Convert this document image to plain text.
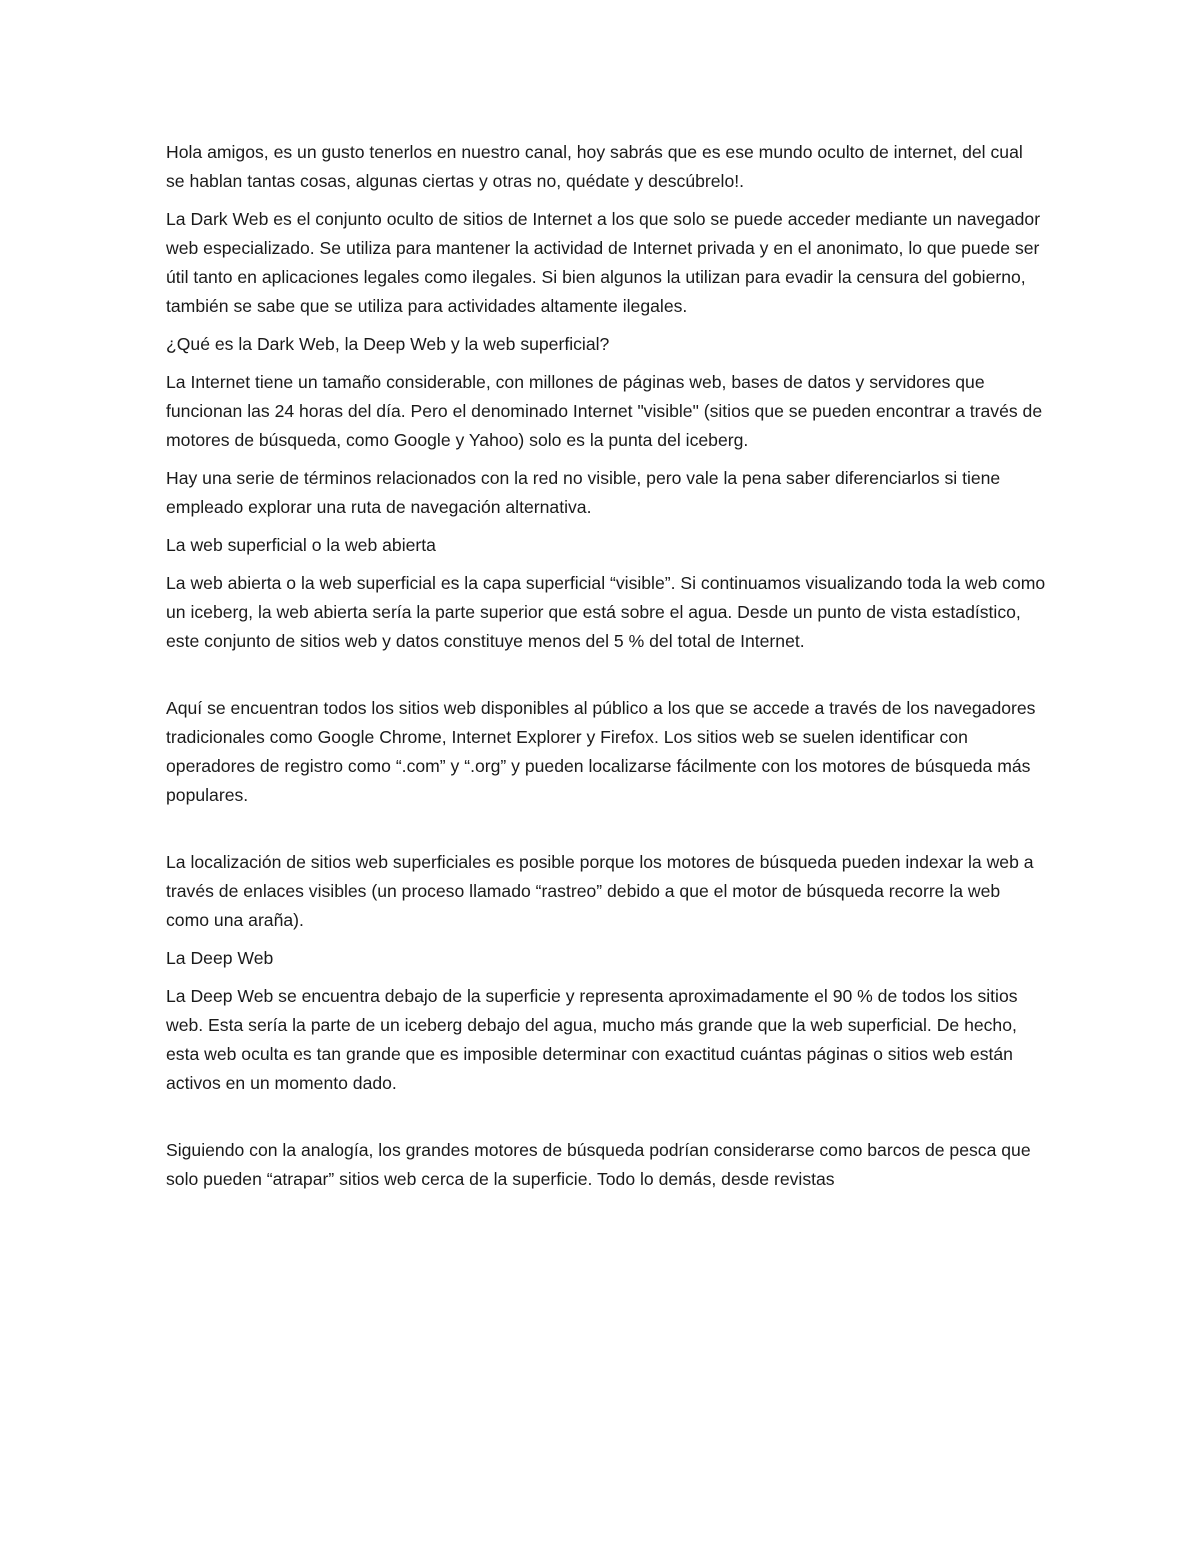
Hola amigos, es un gusto tenerlos en nuestro canal, hoy sabrás que es ese mundo oculto de internet, del cual se hablan tantas cosas, algunas ciertas y otras no, quédate y descúbrelo!.

La Dark Web es el conjunto oculto de sitios de Internet a los que solo se puede acceder mediante un navegador web especializado. Se utiliza para mantener la actividad de Internet privada y en el anonimato, lo que puede ser útil tanto en aplicaciones legales como ilegales. Si bien algunos la utilizan para evadir la censura del gobierno, también se sabe que se utiliza para actividades altamente ilegales.

¿Qué es la Dark Web, la Deep Web y la web superficial?

La Internet tiene un tamaño considerable, con millones de páginas web, bases de datos y servidores que funcionan las 24 horas del día. Pero el denominado Internet "visible" (sitios que se pueden encontrar a través de motores de búsqueda, como Google y Yahoo) solo es la punta del iceberg.

Hay una serie de términos relacionados con la red no visible, pero vale la pena saber diferenciarlos si tiene empleado explorar una ruta de navegación alternativa.

La web superficial o la web abierta

La web abierta o la web superficial es la capa superficial “visible”. Si continuamos visualizando toda la web como un iceberg, la web abierta sería la parte superior que está sobre el agua. Desde un punto de vista estadístico, este conjunto de sitios web y datos constituye menos del 5 % del total de Internet.

Aquí se encuentran todos los sitios web disponibles al público a los que se accede a través de los navegadores tradicionales como Google Chrome, Internet Explorer y Firefox. Los sitios web se suelen identificar con operadores de registro como “.com” y “.org” y pueden localizarse fácilmente con los motores de búsqueda más populares.

La localización de sitios web superficiales es posible porque los motores de búsqueda pueden indexar la web a través de enlaces visibles (un proceso llamado “rastreo” debido a que el motor de búsqueda recorre la web como una araña).

La Deep Web

La Deep Web se encuentra debajo de la superficie y representa aproximadamente el 90 % de todos los sitios web. Esta sería la parte de un iceberg debajo del agua, mucho más grande que la web superficial. De hecho, esta web oculta es tan grande que es imposible determinar con exactitud cuántas páginas o sitios web están activos en un momento dado.

Siguiendo con la analogía, los grandes motores de búsqueda podrían considerarse como barcos de pesca que solo pueden “atrapar” sitios web cerca de la superficie. Todo lo demás, desde revistas
